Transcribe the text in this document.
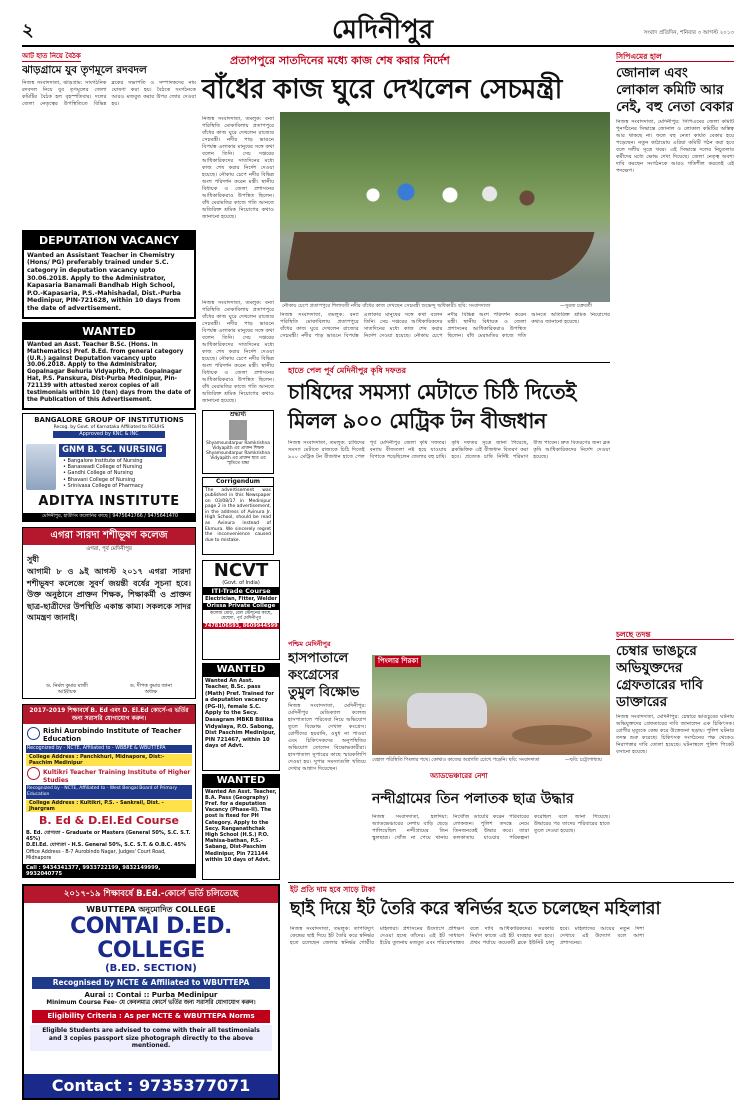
২	মেদিনীপুর	সংবাদ প্রতিদিন, শনিবার ৩ আগস্ট ২০১৩
আট হাত নিয়ে বৈঠক
ঝাড়গ্রামে যুব তৃণমূলে রদবদল
নিজস্ব সংবাদদাতা, ঝাড়গ্রাম: সাংগঠনিক রদবদল নিয়ে যুব তৃণমূলের জেলা কমিটির বৈঠক হল বৃহস্পতিবার। দলের জেলা নেতৃত্বের উপস্থিতিতে বিভিন্ন ব্লকের সভাপতি ও সম্পাদকদের নাম ঘোষণা করা হয়। বৈঠকে সংগঠনকে আরও মজবুত করার উপর জোর দেওয়া হয়।
DEPUTATION VACANCY
Wanted an Assistant Teacher in Chemistry (Hons/ PG) preferably trained under S.C. category in deputation vacancy upto 30.06.2018. Apply to the Administrator, Kapasaria Banamali Bandhab High School, P.O.-Kapasaria, P.S.-Mahishadal, Dist.-Purba Medinipur, PIN-721628, within 10 days from the date of advertisement.
WANTED
Wanted an Asst. Teacher B.Sc. (Hons. in Mathematics) Pref. B.Ed. from general category (U.R.) against Deputation vacancy upto 30.06.2018. Apply to the Administrator, Gopalnagar Behuria Vidyapith, P.O. Gopalnagar Hat, P.S. Panskura, Dist-Purba Medinipur, Pin-721139 with attested xerox copies of all testimonials within 10 (ten) days from the date of the Publication of this Advertisement.
BANGALORE GROUP OF INSTITUTIONS
Recog. by Govt. of Karnataka Affiliated to RGUHS
Approved by KNC & INC
GNM B. SC. NURSING
• Bangalore Institute of Nursing
• Banaswadi College of Nursing
• Gandhi College of Nursing
• Bhavani College of Nursing
• Srinivasa College of Pharmacy
ADITYA INSTITUTE
মেদিনীপুর, হাউসিং কলোনির কাছে | 9475641766 / 9475641470
এগরা সারদা শশীভূষণ কলেজ
এগরা, পূর্ব মেদিনীপুর
সুধী
আগামী ৮ ও ৯ই আগস্ট ২০১৭ এগরা সারদা শশীভূষণ কলেজে সুবর্ণ জয়ন্তী বর্ষের সূচনা হবে। উক্ত অনুষ্ঠানে প্রাক্তন শিক্ষক, শিক্ষাকর্মী ও প্রাক্তন ছাত্র-ছাত্রীদের উপস্থিতি একান্ত কাম্য। সকলকে সাদর আমন্ত্রণ জানাই।
ড. নির্মল কুমার মাজী
আহ্বায়ক
ড. দীপক কুমার জানা
অধ্যক্ষ
2017-2019 শিক্ষাবর্ষে B. Ed এবং D. El.Ed কোর্সে-এ ভর্তির জন্য সরাসরি যোগাযোগ করুন।
Rishi Aurobindo Institute of Teacher Education
Recognized by - NCTE, Affiliated to - WBBPE & WBUTTEPA
College Address : Panchkhuri, Midnapore, Dist:- Paschim Medinipur
Kultikri Teacher Training Institute of Higher Studies
Recognized by - NCTE, Affiliated to - West Bengal Board of Primary Education
College Address : Kultikri, P.S. - Sankrail, Dist. - Jhargram
B. Ed & D.El.Ed Course
B. Ed. যোগ্যতা - Graduate or Masters (General 50%, S.C. S.T. 45%)
D.El.Ed. যোগ্যতা - H.S. General 50%, S.C. S.T. & O.B.C. 45%
Office Address - B-7 Aurobindo Nagar, Judges' Court Road, Midnapore
Call : 9434341377, 9933722199, 9832149999, 9932040775
২০১৭-১৯ শিক্ষাবর্ষে B.Ed.-কোর্সে ভর্তি চলিতেছে
WBUTTEPA অনুমোদিত COLLEGE
CONTAI D.ED. COLLEGE
(B.ED. SECTION)
Recognised by NCTE & Affiliated to WBUTTEPA
Aurai :: Contai :: Purba Medinipur
Minimum Course Fee- যে কেবলমাত্র কোর্সে ভর্তির জন্য সরাসরি যোগাযোগ করুন।
Eligibility Criteria : As per NCTE & WBUTTEPA Norms
Eligible Students are advised to come with their all testimonials and 3 copies passport size photograph directly to the above mentioned.
Contact : 9735377071
প্রতাপপুরে সাতদিনের মধ্যে কাজ শেষ করার নির্দেশ
বাঁধের কাজ ঘুরে দেখলেন সেচমন্ত্রী
নিজস্ব সংবাদদাতা, তমলুক: বন্যা পরিস্থিতি মোকাবিলায় প্রতাপপুরে বাঁধের কাজ ঘুরে দেখলেন রাজ্যের সেচমন্ত্রী। নদীর পাড় ভাঙনে বিপর্যস্ত এলাকার মানুষের সঙ্গে কথা বলেন তিনি। সেচ দপ্তরের আধিকারিকদের সাতদিনের মধ্যে কাজ শেষ করার নির্দেশ দেওয়া হয়েছে। নৌকায় চেপে নদীর বিভিন্ন অংশ পরিদর্শন করেন মন্ত্রী। স্থানীয় বিধায়ক ও জেলা প্রশাসনের আধিকারিকরাও উপস্থিত ছিলেন। বাঁধ মেরামতির কাজে গতি আনতে অতিরিক্ত শ্রমিক নিয়োগের কথাও জানানো হয়েছে।
নৌকায় চেপে প্রতাপপুরে শিলাবতী নদীর বাঁধের কাজ দেখছেন সেচমন্ত্রী শুভেন্দু অধিকারী। ছবি: সংবাদদাতা	—সুরজ চক্রবর্তী
নিজস্ব সংবাদদাতা, তমলুক: বন্যা পরিস্থিতি মোকাবিলায় প্রতাপপুরে বাঁধের কাজ ঘুরে দেখলেন রাজ্যের সেচমন্ত্রী। নদীর পাড় ভাঙনে বিপর্যস্ত এলাকার মানুষের সঙ্গে কথা বলেন তিনি। সেচ দপ্তরের আধিকারিকদের সাতদিনের মধ্যে কাজ শেষ করার নির্দেশ দেওয়া হয়েছে। নৌকায় চেপে নদীর বিভিন্ন অংশ পরিদর্শন করেন মন্ত্রী। স্থানীয় বিধায়ক ও জেলা প্রশাসনের আধিকারিকরাও উপস্থিত ছিলেন। বাঁধ মেরামতির কাজে গতি আনতে অতিরিক্ত শ্রমিক নিয়োগের কথাও জানানো হয়েছে।
শ্রদ্ধার্ঘ্য
Shyamsundarpur Ramkrishna Vidyapith এর প্রাক্তন শিক্ষক Shyamsundarpur Ramkrishna Vidyapith এর প্রাক্তন ছাত্র এর স্মৃতিতে শ্রদ্ধা
Corrigendum
The advertisement was published in this Newspaper on 03/08/17 in Medinipur page 2 in the advertisement, in the address of Avinura Jr. High School, should be read as Avinura instead of Ekmura. We sincerely regret the inconvenience caused due to mistake.
নিজস্ব সংবাদদাতা, তমলুক: বন্যা পরিস্থিতি মোকাবিলায় প্রতাপপুরে বাঁধের কাজ ঘুরে দেখলেন রাজ্যের সেচমন্ত্রী। নদীর পাড় ভাঙনে বিপর্যস্ত এলাকার মানুষের সঙ্গে কথা বলেন তিনি। সেচ দপ্তরের আধিকারিকদের সাতদিনের মধ্যে কাজ শেষ করার নির্দেশ দেওয়া হয়েছে। নৌকায় চেপে নদীর বিভিন্ন অংশ পরিদর্শন করেন মন্ত্রী। স্থানীয় বিধায়ক ও জেলা প্রশাসনের আধিকারিকরাও উপস্থিত ছিলেন। বাঁধ মেরামতির কাজে গতি আনতে অতিরিক্ত শ্রমিক নিয়োগের কথাও জানানো হয়েছে।
হাতে পেল পূর্ব মেদিনীপুর কৃষি দফতর
চাষিদের সমস্যা মেটাতে চিঠি দিতেই মিলল ৯০০ মেট্রিক টন বীজধান
নিজস্ব সংবাদদাতা, তমলুক: চাষিদের সমস্যা মেটাতে রাজ্যকে চিঠি দিতেই ৯০০ মেট্রিক টন বীজধান হাতে পেল পূর্ব মেদিনীপুর জেলা কৃষি দফতর। বন্যায় বীজতলা নষ্ট হয়ে যাওয়ায় বিপাকে পড়েছিলেন জেলার বহু চাষি। কৃষি দফতর সূত্রে জানা গিয়েছে, ব্লকভিত্তিক এই বীজধান বিতরণ করা হবে। প্রত্যেক চাষি নির্দিষ্ট পরিমাণ বীজ পাবেন। দ্রুত বিতরণের জন্য ব্লক কৃষি আধিকারিকদের নির্দেশ দেওয়া হয়েছে।
সিপিএমের হাল
জোনাল এবং লোকাল কমিটি আর নেই, বহু নেতা বেকার
নিজস্ব সংবাদদাতা, মেদিনীপুর: সিপিএমের জেলা কমিটি পুনর্গঠনের সিদ্ধান্তে জোনাল ও লোকাল কমিটির অস্তিত্ব আর থাকছে না। ফলে বহু নেতা কার্যত বেকার হয়ে পড়েছেন। নতুন কাঠামোয় এরিয়া কমিটি গঠন করা হবে বলে দলীয় সূত্রে খবর। এই সিদ্ধান্তে দলের নিচুতলার কর্মীদের মধ্যে ক্ষোভ দেখা দিয়েছে। জেলা নেতৃত্ব অবশ্য দাবি করছেন সংগঠনকে আরও গতিশীল করতেই এই পদক্ষেপ।
চলছে তদন্ত
চেম্বার ভাঙচুরে অভিযুক্তদের গ্রেফতারের দাবি ডাক্তারের
নিজস্ব সংবাদদাতা, মেদিনীপুর: চেম্বারে ভাঙচুরের ঘটনায় অভিযুক্তদের গ্রেফতারের দাবি জানালেন এক চিকিৎসক। রোগীর মৃত্যুকে কেন্দ্র করে উত্তেজনা ছড়ায়। পুলিশ ঘটনার তদন্ত শুরু করেছে। চিকিৎসক সংগঠনের পক্ষ থেকেও নিরাপত্তার দাবি তোলা হয়েছে। ঘটনাস্থলে পুলিশ পিকেট বসানো হয়েছে।
NCVT
(Govt. of India)
ITI-Trade Course
Electrician, Fitter, Welder
Orissa Private College
কলেজ মোড়, রেল স্টেশনের কাছে, মেছেদা, পূর্ব মেদিনীপুর
7478106593, 8609944599
WANTED
Wanted An Asst. Teacher, B.Sc. pass (Math) Pref. Trained for a deputation vacancy (PG-II), female S.C. Apply to the Secy. Dasagram MBKB Billika Vidyalaya, P.O. Sabong, Dist Paschim Medinipur, PIN 721467, within 10 days of Advt.
WANTED
Wanted An Asst. Teacher, B.A. Pass (Geography) Pref. for a deputation Vacancy (Phase-II). The post is fixed for PH Category. Apply to the Secy. Ranganathchak High School (H.S.) P.O. Mahisa-bathan, P.S.-Sabang, Dist-Paschim Medinipur, Pin 721144 within 10 days of Advt.
পশ্চিম মেদিনীপুর
হাসপাতালে কংগ্রেসের তুমুল বিক্ষোভ
নিজস্ব সংবাদদাতা, মেদিনীপুর: মেদিনীপুর মেডিক্যাল কলেজ হাসপাতালে পরিষেবা নিয়ে অভিযোগ তুলে বিক্ষোভ দেখাল কংগ্রেস। রোগীদের হয়রানি, ওষুধ না পাওয়া এবং চিকিৎসকদের অনুপস্থিতির অভিযোগ তোলেন বিক্ষোভকারীরা। হাসপাতাল সুপারের কাছে স্মারকলিপি দেওয়া হয়। সুপার সমস্যাগুলি খতিয়ে দেখার আশ্বাস দিয়েছেন।
পিংলার শিরকা
বেহাল পরিস্থিতি পিংলার পথে। কোথাও কাজের অগ্রগতি চোখে পড়েনি। ছবি: সংবাদদাতা	—ছবি: চট্টোপাধ্যায়
অ্যাডভেঞ্চারের নেশা
নন্দীগ্রামের তিন পলাতক ছাত্র উদ্ধার
নিজস্ব সংবাদদাতা, হলদিয়া: অ্যাডভেঞ্চারের নেশায় বাড়ি ছেড়ে পালিয়েছিল নন্দীগ্রামের তিন স্কুলছাত্র। খোঁজ না পেয়ে থানায় নিখোঁজ ডায়েরি করেন পরিবারের লোকজন। পুলিশ তদন্তে নেমে তিনজনকেই উদ্ধার করে। তারা কলকাতায় যাওয়ার পরিকল্পনা করেছিল বলে জানা গিয়েছে। উদ্ধারের পর তাদের পরিবারের হাতে তুলে দেওয়া হয়েছে।
ইট প্রতি দাম হবে সাড়ে টাকা
ছাই দিয়ে ইট তৈরি করে স্বনির্ভর হতে চলেছেন মহিলারা
নিজস্ব সংবাদদাতা, তমলুক: তাপবিদ্যুৎ কেন্দ্রের ছাই দিয়ে ইট তৈরি করে স্বনির্ভর হতে চলেছেন জেলার স্বনির্ভর গোষ্ঠীর মহিলারা। প্রশাসনের উদ্যোগে প্রশিক্ষণ দেওয়া হচ্ছে তাঁদের। এই ইট সাধারণ ইটের তুলনায় মজবুত এবং পরিবেশবান্ধব বলে দাবি আধিকারিকদের। সরকারি নির্মাণ কাজে এই ইট ব্যবহার করা হবে। প্রথম পর্যায়ে কয়েকটি ব্লকে ইউনিট চালু হবে। মহিলাদের আয়ের নতুন দিশা দেখাবে এই উদ্যোগ বলে আশা প্রশাসনের।
